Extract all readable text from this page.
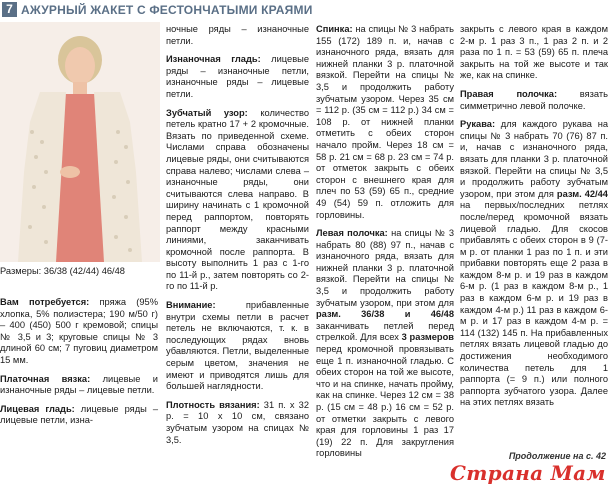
7 АЖУРНЫЙ ЖАКЕТ С ФЕСТОНЧАТЫМИ КРАЯМИ
Размеры: 36/38 (42/44) 46/48

Вам потребуется: пряжа (95% хлопка, 5% полиэстера; 190 м/50 г) – 400 (450) 500 г кремовой; спицы № 3,5 и 3; круговые спицы № 3 длиной 60 см; 7 пуговиц диаметром 15 мм.

Платочная вязка: лицевые и изнаночные ряды – лицевые петли.

Лицевая гладь: лицевые ряды – лицевые петли, изна-

ночные ряды – изнаночные петли.

Изнаночная гладь: лицевые ряды – изнаночные петли, изнаночные ряды – лицевые петли.

Зубчатый узор: количество петель кратно 17 + 2 кромочные. Вязать по приведенной схеме. Числами справа обозначены лицевые ряды, они считываются справа налево; числами слева – изнаночные ряды, они считываются слева направо. В ширину начинать с 1 кромочной перед раппортом, повторять раппорт между красными линиями, заканчивать кромочной после раппорта. В высоту выполнить 1 раз с 1-го по 11-й р., затем повторять со 2-го по 11-й р.

Внимание: прибавленные внутри схемы петли в расчет петель не включаются, т. к. в последующих рядах вновь убавляются. Петли, выделенные серым цветом, значения не имеют и приводятся лишь для большей наглядности.

Плотность вязания: 31 п. x 32 р. = 10 x 10 см, связано зубчатым узором на спицах № 3,5.

Спинка: на спицы № 3 набрать 155 (172) 189 п. и, начав с изнаночного ряда, вязать для нижней планки 3 р. платочной вязкой. Перейти на спицы № 3,5 и продолжить работу зубчатым узором. Через 35 см = 112 р. (35 см = 112 р.) 34 см = 108 р. от нижней планки отметить с обеих сторон начало пройм. Через 18 см = 58 р. 21 см = 68 р. 23 см = 74 р. от отметок закрыть с обеих сторон с внешнего края для плеч по 53 (59) 65 п., средние 49 (54) 59 п. отложить для горловины.

Левая полочка: на спицы № 3 набрать 80 (88) 97 п., начав с изнаночного ряда, вязать для нижней планки 3 р. платочной вязкой. Перейти на спицы № 3,5 и продолжить работу зубчатым узором, при этом для разм. 36/38 и 46/48 заканчивать петлей перед стрелкой. Для всех 3 размеров перед кромочной провязывать еще 1 п. изнаночной гладью. С обеих сторон на той же высоте, что и на спинке, начать пройму, как на спинке. Через 12 см = 38 р. (15 см = 48 р.) 16 см = 52 р. от отметки закрыть с левого края для горловины 1 раз 17 (19) 22 п. Для закругления горловины

закрыть с левого края в каждом 2-м р. 1 раз 3 п., 1 раз 2 п. и 2 раза по 1 п. = 53 (59) 65 п. плеча закрыть на той же высоте и так же, как на спинке.

Правая полочка: вязать симметрично левой полочке.

Рукава: для каждого рукава на спицы № 3 набрать 70 (76) 87 п. и, начав с изнаночного ряда, вязать для планки 3 р. платочной вязкой. Перейти на спицы № 3,5 и продолжить работу зубчатым узором, при этом для разм. 42/44 на первых/последних петлях после/перед кромочной вязать лицевой гладью. Для скосов прибавлять с обеих сторон в 9 (7-м р. от планки 1 раз по 1 п. и эти прибавки повторять еще 2 раза в каждом 8-м р. и 19 раз в каждом 6-м р. (1 раз в каждом 8-м р., 1 раз в каждом 6-м р. и 19 раз в каждом 4-м р.) 11 раз в каждом 6-м р. и 17 раз в каждом 4-м р. = 114 (132) 145 п. На прибавленных петлях вязать лицевой гладью до достижения необходимого количества петель для 1 раппорта (= 9 п.) или полного раппорта зубчатого узора. Далее на этих петлях вязать

Продолжение на с. 42
Страна Мам
